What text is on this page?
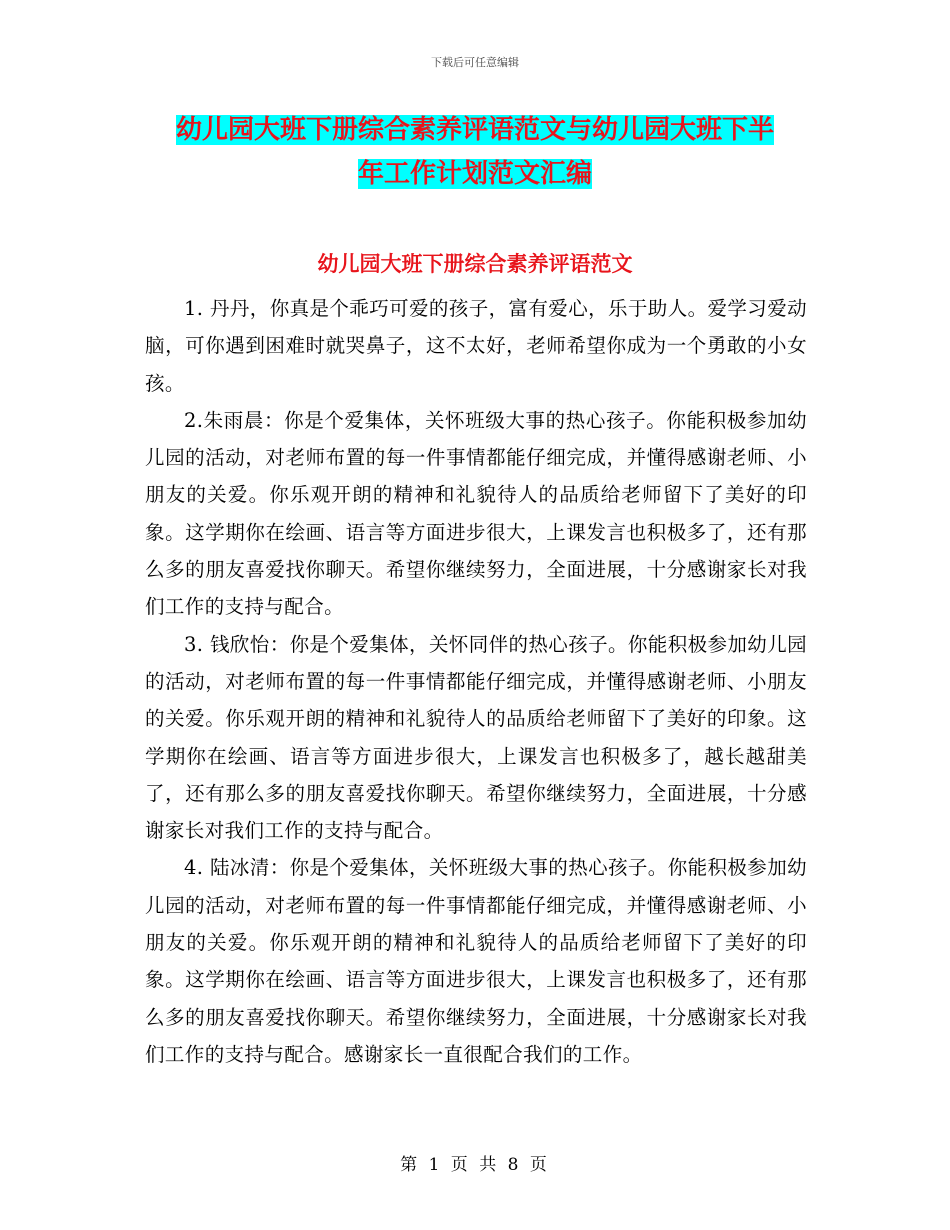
下载后可任意编辑
幼儿园大班下册综合素养评语范文与幼儿园大班下半
年工作计划范文汇编
幼儿园大班下册综合素养评语范文

1. 丹丹，你真是个乖巧可爱的孩子，富有爱心，乐于助人。爱学习爱动脑，可你遇到困难时就哭鼻子，这不太好，老师希望你成为一个勇敢的小女孩。

2.朱雨晨：你是个爱集体，关怀班级大事的热心孩子。你能积极参加幼儿园的活动，对老师布置的每一件事情都能仔细完成，并懂得感谢老师、小朋友的关爱。你乐观开朗的精神和礼貌待人的品质给老师留下了美好的印象。这学期你在绘画、语言等方面进步很大，上课发言也积极多了，还有那么多的朋友喜爱找你聊天。希望你继续努力，全面进展，十分感谢家长对我们工作的支持与配合。

3. 钱欣怡：你是个爱集体，关怀同伴的热心孩子。你能积极参加幼儿园的活动，对老师布置的每一件事情都能仔细完成，并懂得感谢老师、小朋友的关爱。你乐观开朗的精神和礼貌待人的品质给老师留下了美好的印象。这学期你在绘画、语言等方面进步很大，上课发言也积极多了，越长越甜美了，还有那么多的朋友喜爱找你聊天。希望你继续努力，全面进展，十分感谢家长对我们工作的支持与配合。

4. 陆冰清：你是个爱集体，关怀班级大事的热心孩子。你能积极参加幼儿园的活动，对老师布置的每一件事情都能仔细完成，并懂得感谢老师、小朋友的关爱。你乐观开朗的精神和礼貌待人的品质给老师留下了美好的印象。这学期你在绘画、语言等方面进步很大，上课发言也积极多了，还有那么多的朋友喜爱找你聊天。希望你继续努力，全面进展，十分感谢家长对我们工作的支持与配合。感谢家长一直很配合我们的工作。

第 1 页 共 8 页
